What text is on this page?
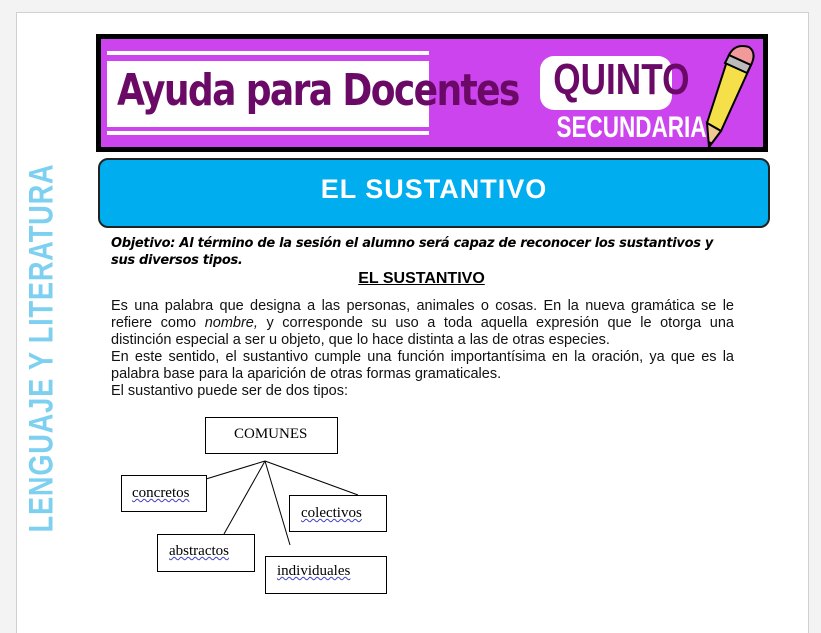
Ayuda para Docentes QUINTO
SECUNDARIA
EL SUSTANTIVO
LENGUAJE Y LITERATURA	Objetivo: Al término de la sesión el alumno será capaz de reconocer los sustantivos y sus diversos tipos.
EL SUSTANTIVO

Es una palabra que designa a las personas, animales o cosas. En la nueva gramática se le refiere como nombre, y corresponde su uso a toda aquella expresión que le otorga una distinción especial a ser u objeto, que lo hace distinta a las de otras especies.

En este sentido, el sustantivo cumple una función importantísima en la oración, ya que es la palabra base para la aparición de otras formas gramaticales.

El sustantivo puede ser de dos tipos:

COMUNES
concretos
colectivos
abstractos
individuales
